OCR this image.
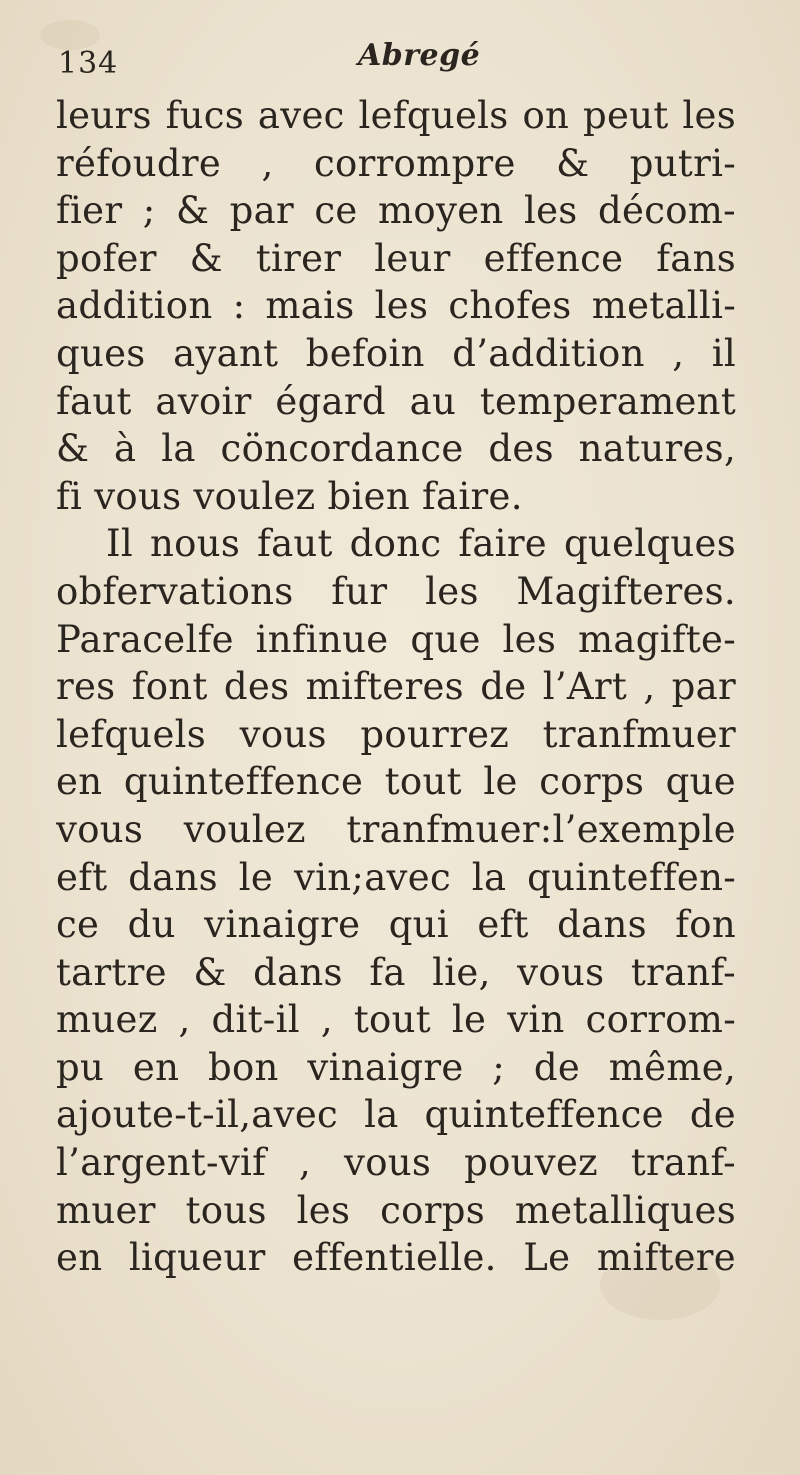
134	Abregé
leurs fucs avec lefquels on peut les
réfoudre , corrompre & putri-
fier ; & par ce moyen les décom-
pofer & tirer leur effence fans
addition : mais les chofes metalli-
ques ayant befoin d’addition , il
faut avoir égard au temperament
& à la cöncordance des natures,
fi vous voulez bien faire.
Il nous faut donc faire quelques
obfervations fur les Magifteres.
Paracelfe infinue que les magifte-
res font des mifteres de l’Art , par
lefquels vous pourrez tranfmuer
en quinteffence tout le corps que
vous voulez tranfmuer:l’exemple
eft dans le vin;avec la quinteffen-
ce du vinaigre qui eft dans fon
tartre & dans fa lie, vous tranf-
muez , dit-il , tout le vin corrom-
pu en bon vinaigre ; de même,
ajoute-t-il,avec la quinteffence de
l’argent-vif , vous pouvez tranf-
muer tous les corps metalliques
en liqueur effentielle. Le miftere
